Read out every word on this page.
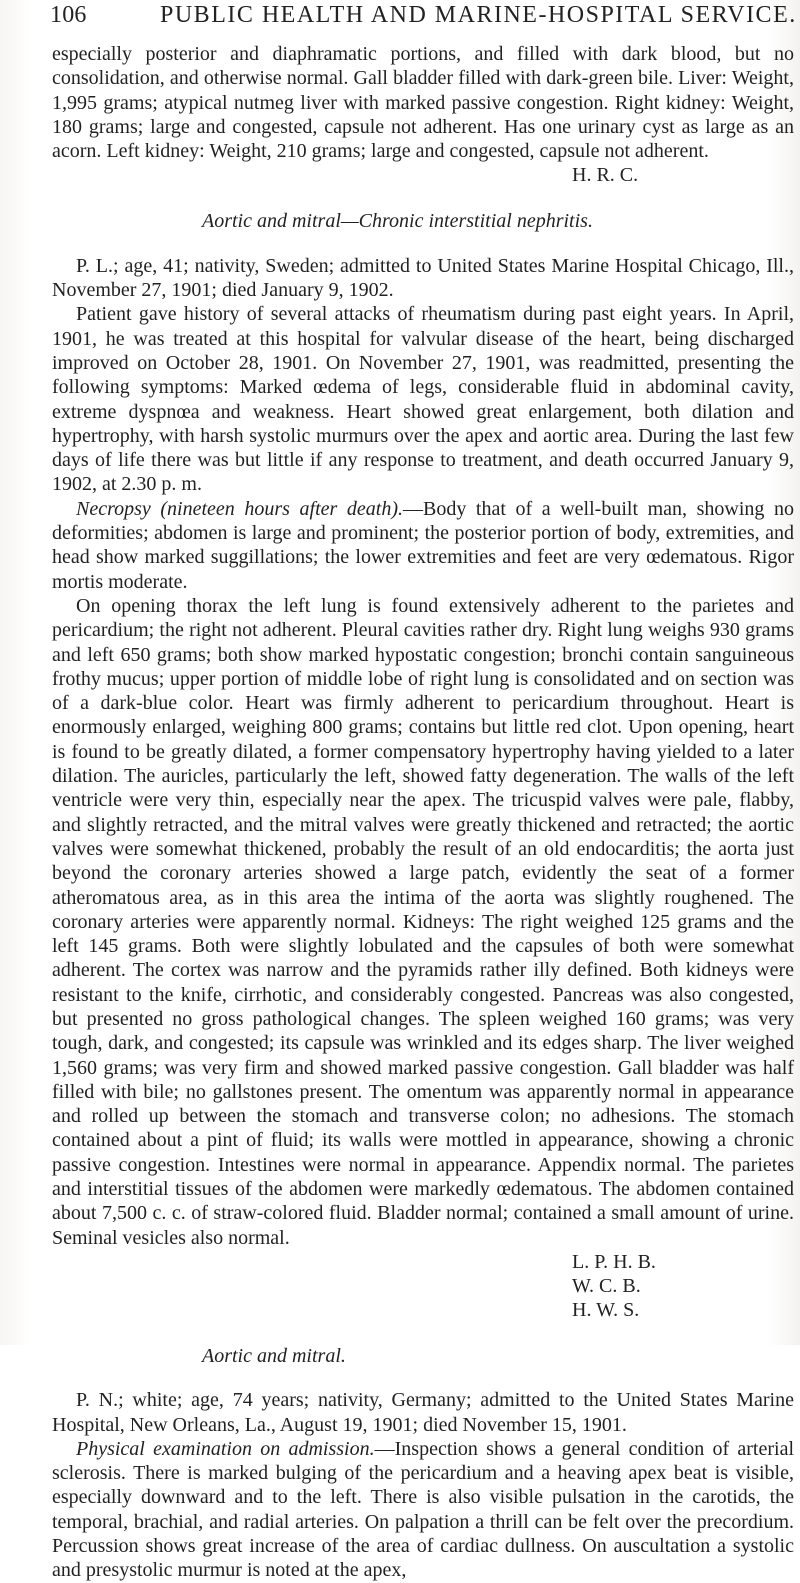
106	PUBLIC HEALTH AND MARINE-HOSPITAL SERVICE.

especially posterior and diaphramatic portions, and filled with dark blood, but no consolidation, and otherwise normal. Gall bladder filled with dark-green bile. Liver: Weight, 1,995 grams; atypical nutmeg liver with marked passive congestion. Right kidney: Weight, 180 grams; large and congested, capsule not adherent. Has one urinary cyst as large as an acorn. Left kidney: Weight, 210 grams; large and congested, capsule not adherent.

H. R. C.

Aortic and mitral—Chronic interstitial nephritis.

P. L.; age, 41; nativity, Sweden; admitted to United States Marine Hospital Chicago, Ill., November 27, 1901; died January 9, 1902.

Patient gave history of several attacks of rheumatism during past eight years. In April, 1901, he was treated at this hospital for valvular disease of the heart, being discharged improved on October 28, 1901. On November 27, 1901, was readmitted, presenting the following symptoms: Marked œdema of legs, considerable fluid in abdominal cavity, extreme dyspnœa and weakness. Heart showed great enlargement, both dilation and hypertrophy, with harsh systolic murmurs over the apex and aortic area. During the last few days of life there was but little if any response to treatment, and death occurred January 9, 1902, at 2.30 p. m.

Necropsy (nineteen hours after death).—Body that of a well-built man, showing no deformities; abdomen is large and prominent; the posterior portion of body, extremities, and head show marked suggillations; the lower extremities and feet are very œdematous. Rigor mortis moderate.

On opening thorax the left lung is found extensively adherent to the parietes and pericardium; the right not adherent. Pleural cavities rather dry. Right lung weighs 930 grams and left 650 grams; both show marked hypostatic congestion; bronchi contain sanguineous frothy mucus; upper portion of middle lobe of right lung is consolidated and on section was of a dark-blue color. Heart was firmly adherent to pericardium throughout. Heart is enormously enlarged, weighing 800 grams; contains but little red clot. Upon opening, heart is found to be greatly dilated, a former compensatory hypertrophy having yielded to a later dilation. The auricles, particularly the left, showed fatty degeneration. The walls of the left ventricle were very thin, especially near the apex. The tricuspid valves were pale, flabby, and slightly retracted, and the mitral valves were greatly thickened and retracted; the aortic valves were somewhat thickened, probably the result of an old endocarditis; the aorta just beyond the coronary arteries showed a large patch, evidently the seat of a former atheromatous area, as in this area the intima of the aorta was slightly roughened. The coronary arteries were apparently normal. Kidneys: The right weighed 125 grams and the left 145 grams. Both were slightly lobulated and the capsules of both were somewhat adherent. The cortex was narrow and the pyramids rather illy defined. Both kidneys were resistant to the knife, cirrhotic, and considerably congested. Pancreas was also congested, but presented no gross pathological changes. The spleen weighed 160 grams; was very tough, dark, and congested; its capsule was wrinkled and its edges sharp. The liver weighed 1,560 grams; was very firm and showed marked passive congestion. Gall bladder was half filled with bile; no gallstones present. The omentum was apparently normal in appearance and rolled up between the stomach and transverse colon; no adhesions. The stomach contained about a pint of fluid; its walls were mottled in appearance, showing a chronic passive congestion. Intestines were normal in appearance. Appendix normal. The parietes and interstitial tissues of the abdomen were markedly œdematous. The abdomen contained about 7,500 c. c. of straw-colored fluid. Bladder normal; contained a small amount of urine. Seminal vesicles also normal.

L. P. H. B.
W. C. B.
H. W. S.

Aortic and mitral.

P. N.; white; age, 74 years; nativity, Germany; admitted to the United States Marine Hospital, New Orleans, La., August 19, 1901; died November 15, 1901.

Physical examination on admission.—Inspection shows a general condition of arterial sclerosis. There is marked bulging of the pericardium and a heaving apex beat is visible, especially downward and to the left. There is also visible pulsation in the carotids, the temporal, brachial, and radial arteries. On palpation a thrill can be felt over the precordium. Percussion shows great increase of the area of cardiac dullness. On auscultation a systolic and presystolic murmur is noted at the apex,
